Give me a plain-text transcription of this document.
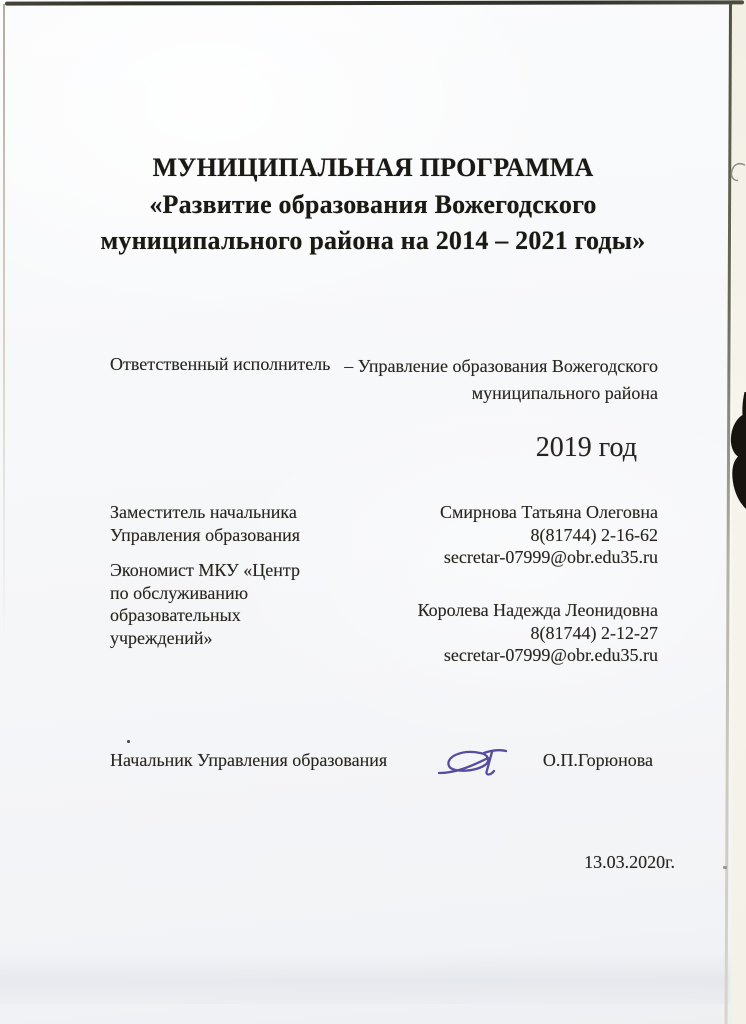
МУНИЦИПАЛЬНАЯ ПРОГРАММА
«Развитие образования Вожегодского
муниципального района на 2014 – 2021 годы»
Ответственный исполнитель – Управление образования Вожегодского
муниципального района
2019 год
Заместитель начальника
Управления образования
Смирнова Татьяна Олеговна
8(81744) 2-16-62
secretar-07999@obr.edu35.ru
Экономист МКУ «Центр
по обслуживанию
образовательных
учреждений»
Королева Надежда Леонидовна
8(81744) 2-12-27
secretar-07999@obr.edu35.ru
Начальник Управления образования	О.П.Горюнова
13.03.2020г.
